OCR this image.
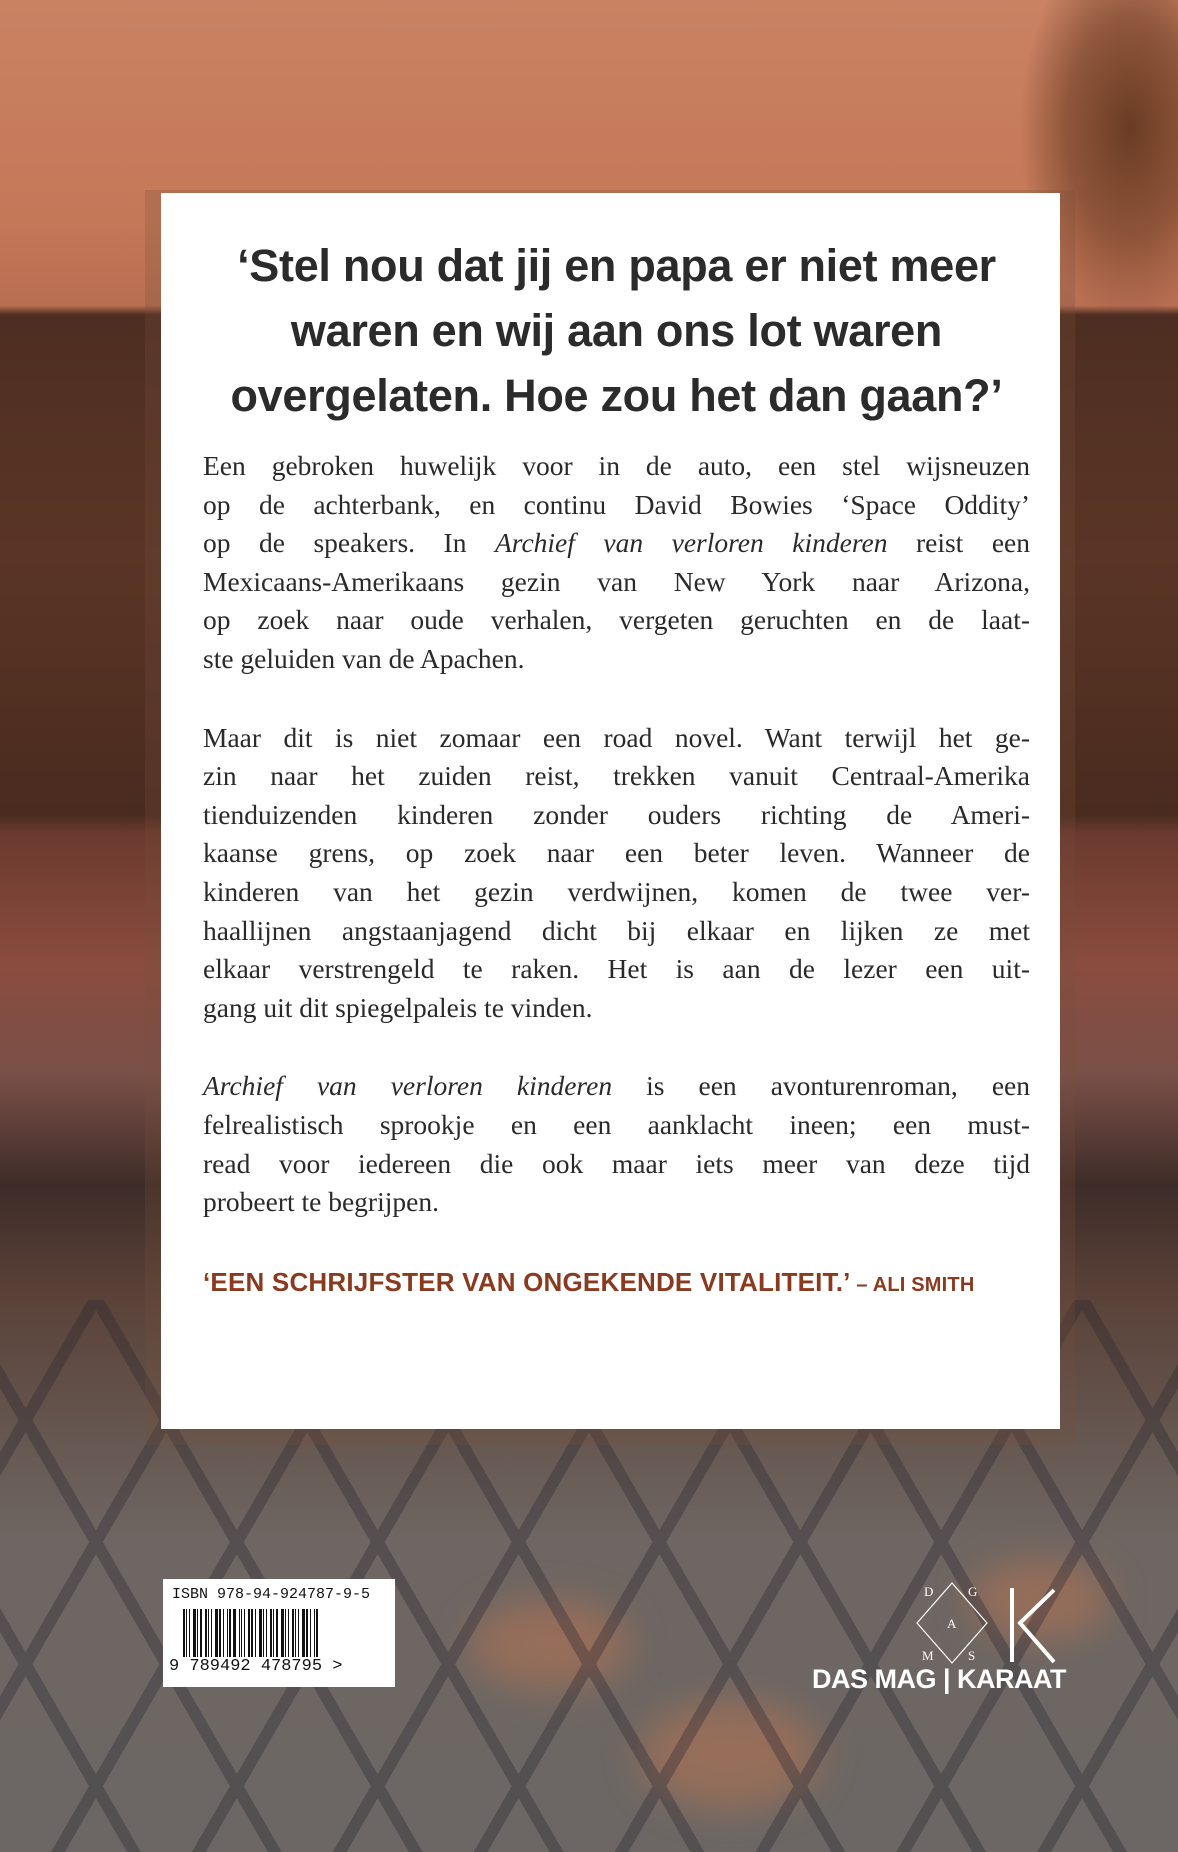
‘Stel nou dat jij en papa er niet meer
waren en wij aan ons lot waren
overgelaten. Hoe zou het dan gaan?’
Een gebroken huwelijk voor in de auto, een stel wijsneuzen
op de achterbank, en continu David Bowies ‘Space Oddity’
op de speakers. In Archief van verloren kinderen reist een
Mexicaans-Amerikaans gezin van New York naar Arizona,
op zoek naar oude verhalen, vergeten geruchten en de laat-
ste geluiden van de Apachen.
Maar dit is niet zomaar een road novel. Want terwijl het ge-
zin naar het zuiden reist, trekken vanuit Centraal-Amerika
tienduizenden kinderen zonder ouders richting de Ameri-
kaanse grens, op zoek naar een beter leven. Wanneer de
kinderen van het gezin verdwijnen, komen de twee ver-
haallijnen angstaanjagend dicht bij elkaar en lijken ze met
elkaar verstrengeld te raken. Het is aan de lezer een uit-
gang uit dit spiegelpaleis te vinden.
Archief van verloren kinderen is een avonturenroman, een
felrealistisch sprookje en een aanklacht ineen; een must-
read voor iedereen die ook maar iets meer van deze tijd
probeert te begrijpen.
‘EEN SCHRIJFSTER VAN ONGEKENDE VITALITEIT.’ – ALI SMITH
ISBN 978-94-924787-9-5
9 789492 478795 >
D	G
A
M	S
DAS MAG | KARAAT
